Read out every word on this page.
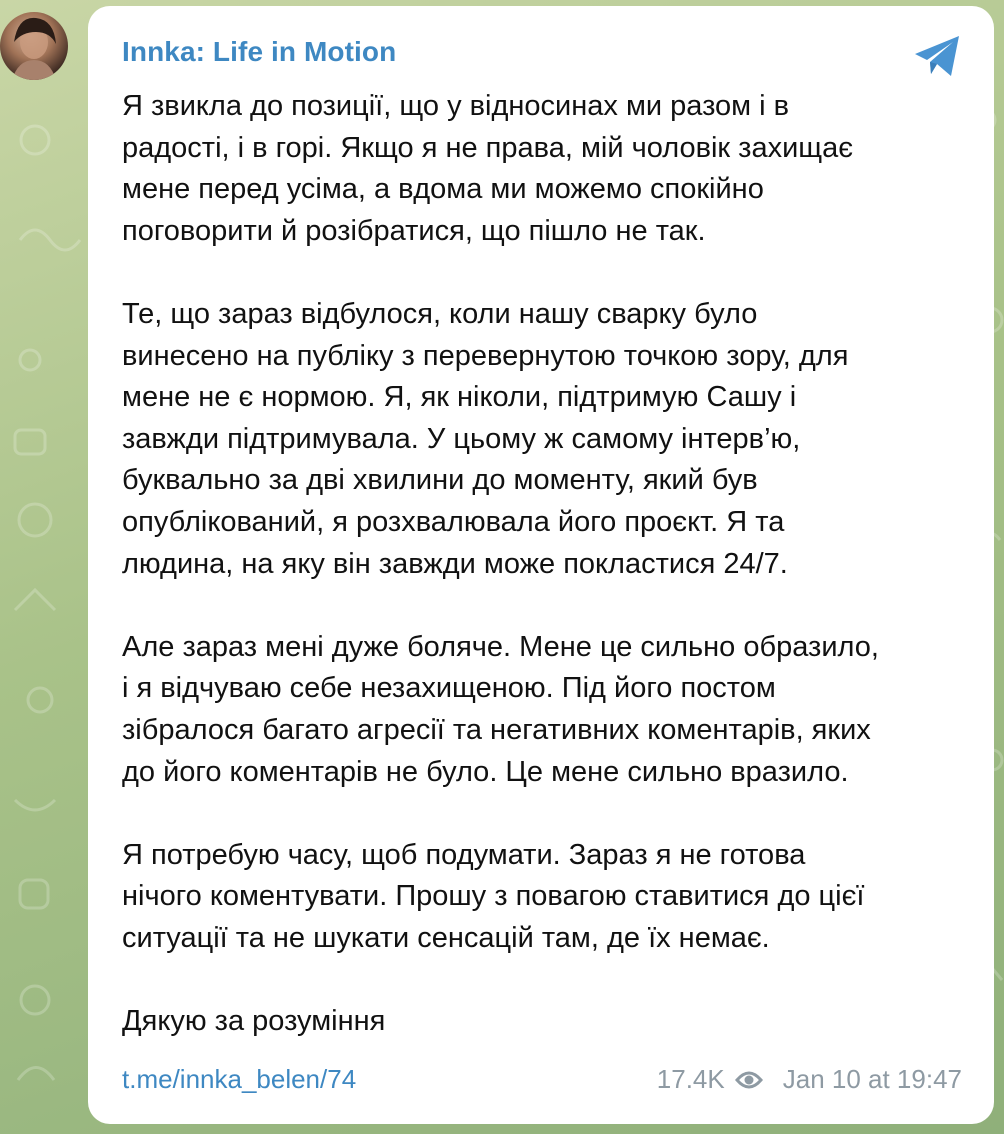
Innka: Life in Motion
Я звикла до позиції, що у відносинах ми разом і в
радості, і в горі. Якщо я не права, мій чоловік захищає
мене перед усіма, а вдома ми можемо спокійно
поговорити й розібратися, що пішло не так.
Те, що зараз відбулося, коли нашу сварку було
винесено на публіку з перевернутою точкою зору, для
мене не є нормою. Я, як ніколи, підтримую Сашу і
завжди підтримувала. У цьому ж самому інтерв’ю,
буквально за дві хвилини до моменту, який був
опублікований, я розхвалювала його проєкт. Я та
людина, на яку він завжди може покластися 24/7.
Але зараз мені дуже боляче. Мене це сильно образило,
і я відчуваю себе незахищеною. Під його постом
зібралося багато агресії та негативних коментарів, яких
до його коментарів не було. Це мене сильно вразило.
Я потребую часу, щоб подумати. Зараз я не готова
нічого коментувати. Прошу з повагою ставитися до цієї
ситуації та не шукати сенсацій там, де їх немає.
Дякую за розуміння
t.me/innka_belen/74	17.4K Jan 10 at 19:47
